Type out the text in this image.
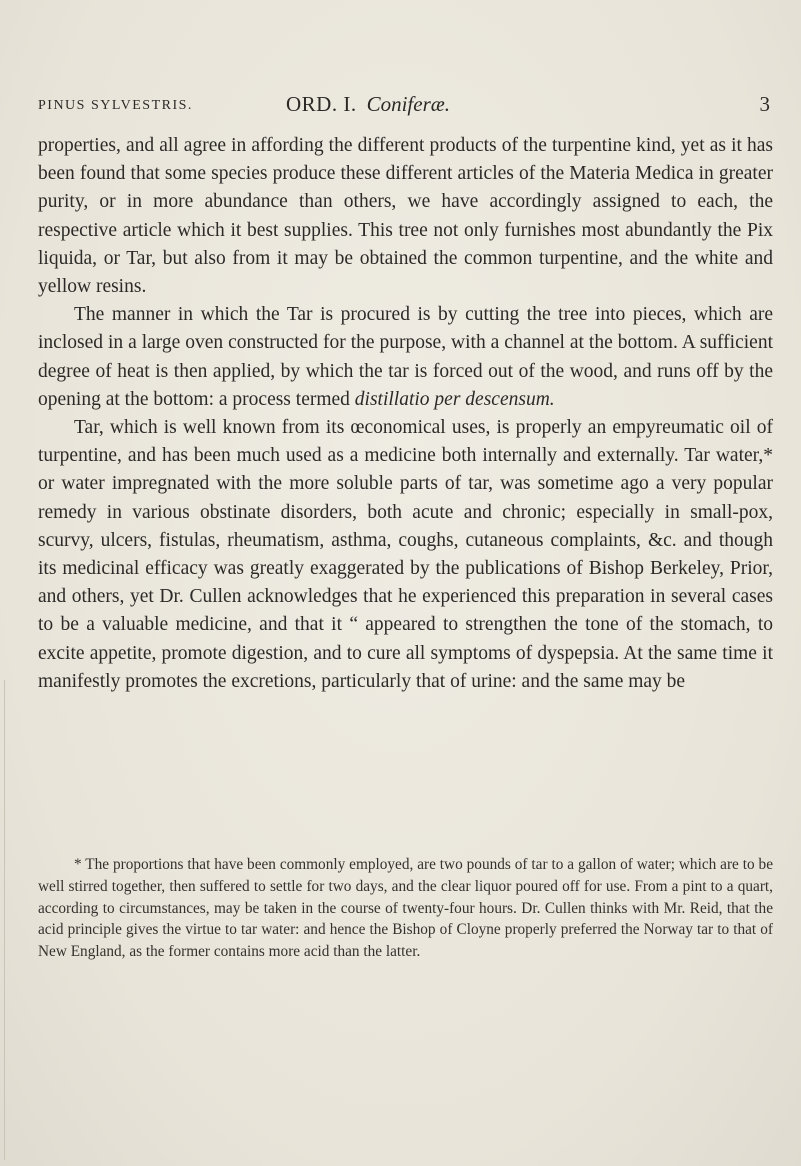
PINUS SYLVESTRIS.	ORD. I. Coniferæ.	3

properties, and all agree in affording the different products of the turpentine kind, yet as it has been found that some species produce these different articles of the Materia Medica in greater purity, or in more abundance than others, we have accordingly assigned to each, the respective article which it best supplies. This tree not only furnishes most abundantly the Pix liquida, or Tar, but also from it may be obtained the common turpentine, and the white and yellow resins.

The manner in which the Tar is procured is by cutting the tree into pieces, which are inclosed in a large oven constructed for the purpose, with a channel at the bottom. A sufficient degree of heat is then applied, by which the tar is forced out of the wood, and runs off by the opening at the bottom: a process termed distillatio per descensum.

Tar, which is well known from its œconomical uses, is properly an empyreumatic oil of turpentine, and has been much used as a medicine both internally and externally. Tar water,* or water impregnated with the more soluble parts of tar, was sometime ago a very popular remedy in various obstinate disorders, both acute and chronic; especially in small-pox, scurvy, ulcers, fistulas, rheumatism, asthma, coughs, cutaneous complaints, &c. and though its medicinal efficacy was greatly exaggerated by the publications of Bishop Berkeley, Prior, and others, yet Dr. Cullen acknowledges that he experienced this preparation in several cases to be a valuable medicine, and that it “ appeared to strengthen the tone of the stomach, to excite appetite, promote digestion, and to cure all symptoms of dyspepsia. At the same time it manifestly promotes the excretions, particularly that of urine: and the same may be

* The proportions that have been commonly employed, are two pounds of tar to a gallon of water; which are to be well stirred together, then suffered to settle for two days, and the clear liquor poured off for use. From a pint to a quart, according to circumstances, may be taken in the course of twenty-four hours. Dr. Cullen thinks with Mr. Reid, that the acid principle gives the virtue to tar water: and hence the Bishop of Cloyne properly preferred the Norway tar to that of New England, as the former contains more acid than the latter.
